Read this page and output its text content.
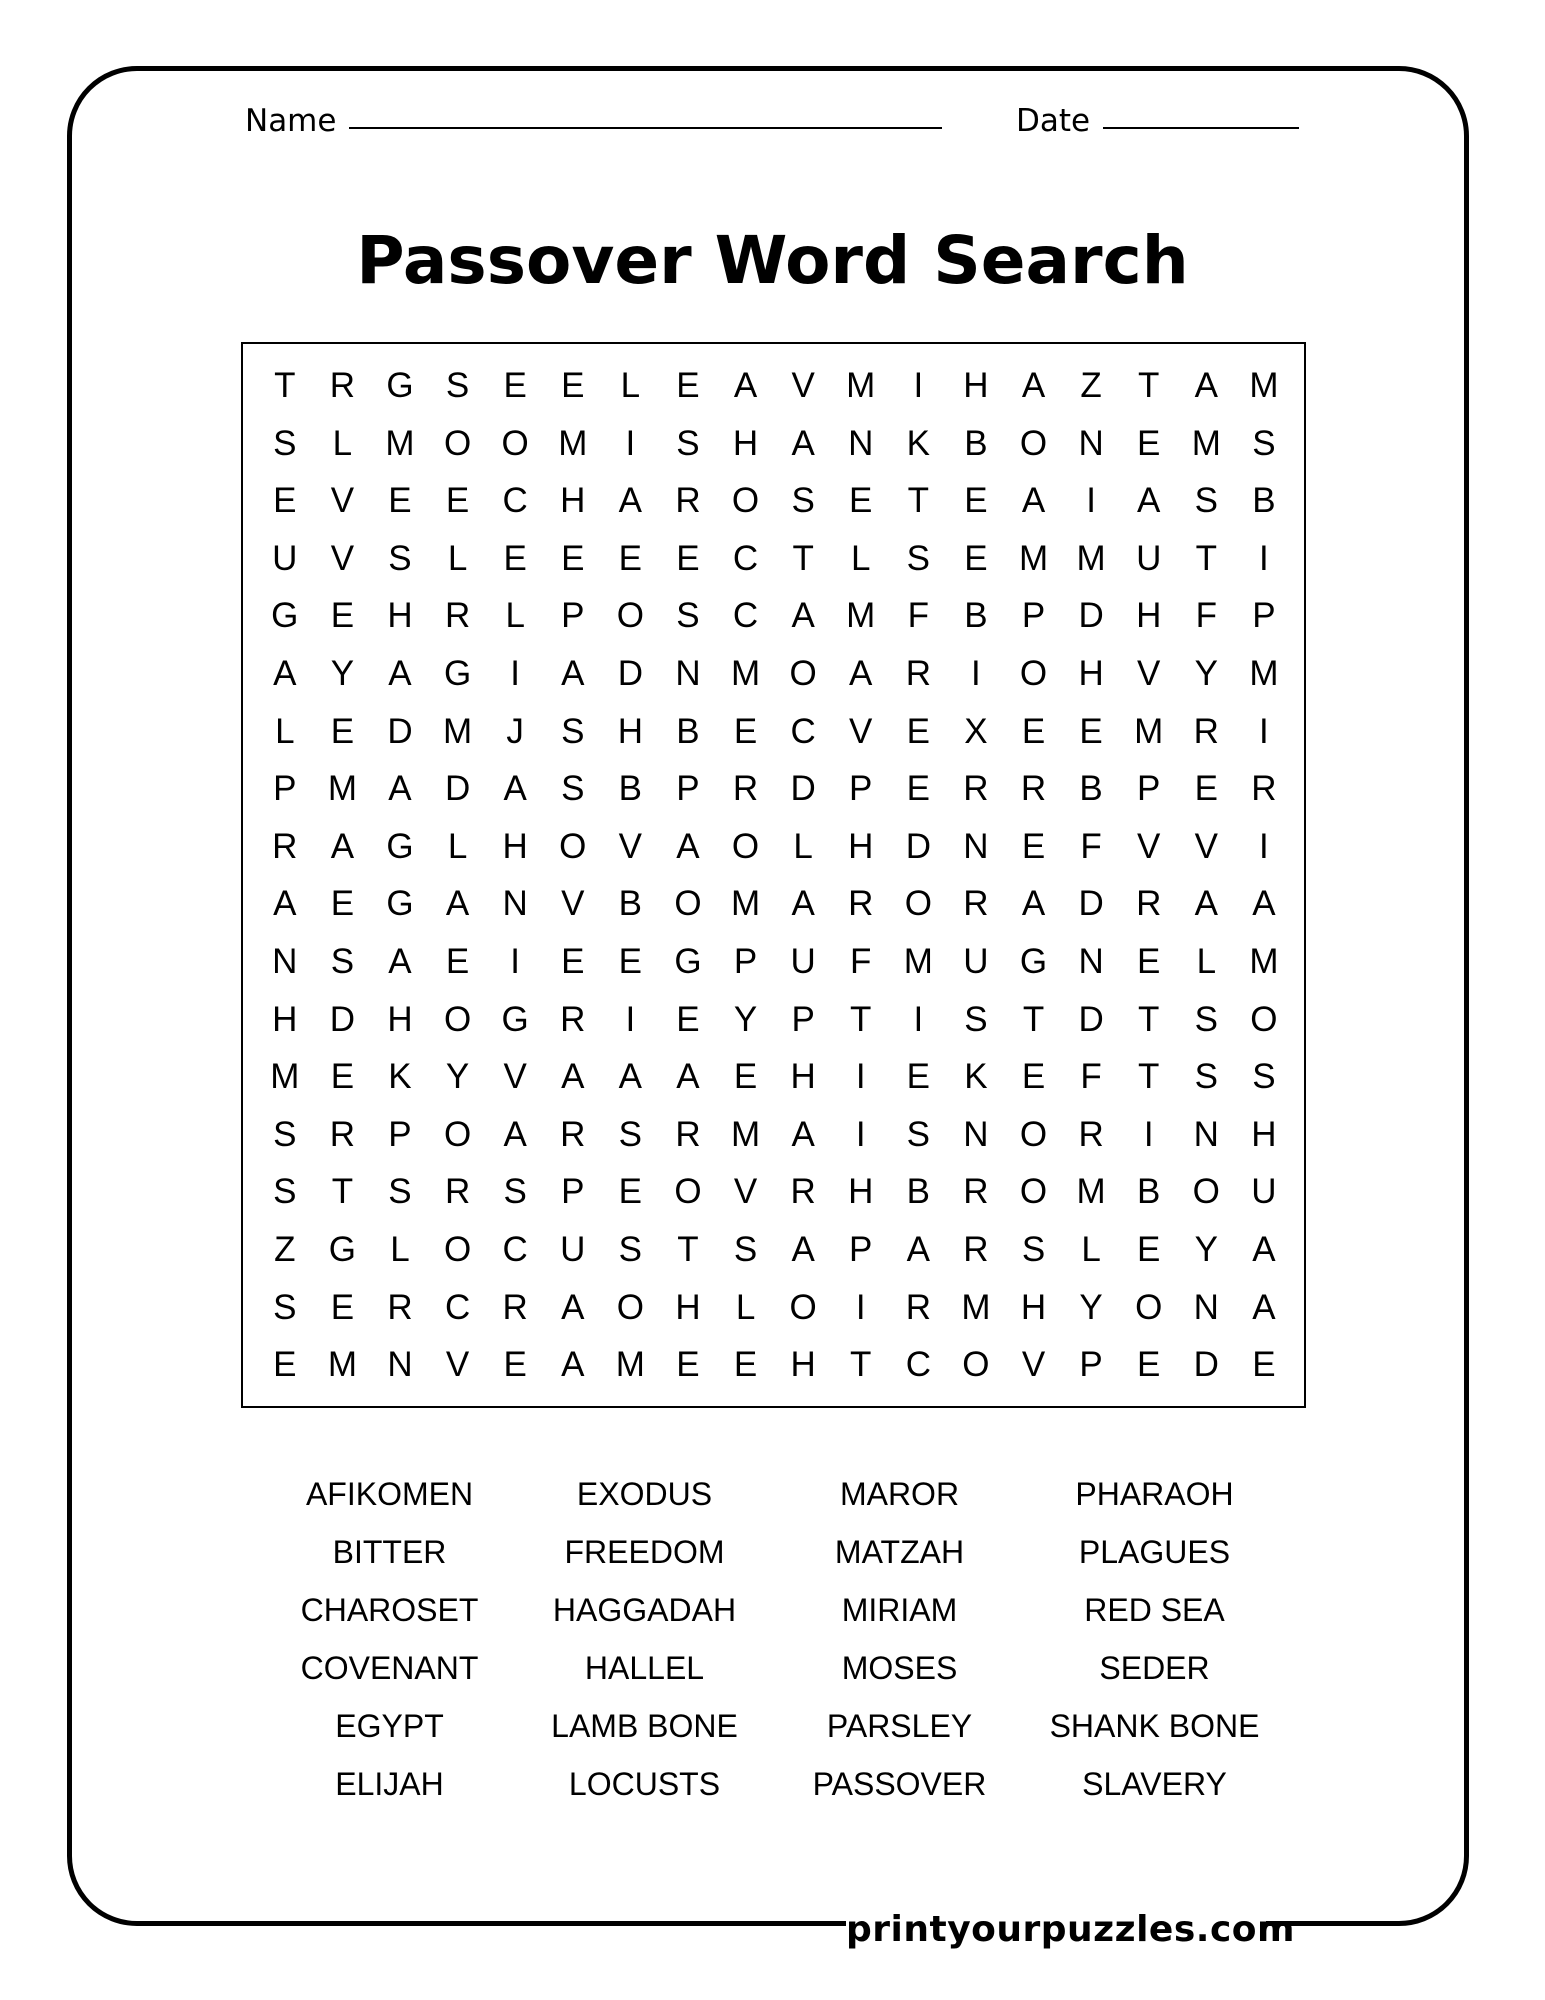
printyourpuzzles.com
Name	Date
Passover Word Search
T R G S E E	L	E A V M	I	H A	Z	T	A M
S	L M O O M	I	S H A N K B O N E M S
E V E E C H A R O S E	T	E A	I	A S B
U V S	L	E E E E C T	L	S E M M U T	I
G E H R	L	P O S C A M F	B P D H F	P
A Y A G	I	A D N M O A R	I	O H V Y M
L	E D M J	S H B E C V E X E E M R	I
P M A D A S B P R D P E R R B P E R
R A G L	H O V A O L	H D N E	F	V V	I
A E G A N V B O M A R O R A D R A A
N S A E	I	E E G P U F M U G N E	L M
H D H O G R	I	E Y P	T	I	S	T D T	S O
M E K Y V A A A E H	I	E K E	F	T	S S
S R P O A R S R M A	I	S N O R	I	N H
S	T	S R S P E O V R H B R O M B O U
Z G L O C U S	T	S A P A R S	L	E Y A
S E R C R A O H	L O	I	R M H Y O N A
E M N V E A M E E H T C O V P E D E
AFIKOMEN	EXODUS	MAROR	PHARAOH
BITTER	FREEDOM	MATZAH	PLAGUES
CHAROSET	HAGGADAH	MIRIAM	RED SEA
COVENANT	HALLEL	MOSES	SEDER
EGYPT	LAMB BONE	PARSLEY	SHANK BONE
ELIJAH	LOCUSTS	PASSOVER	SLAVERY
